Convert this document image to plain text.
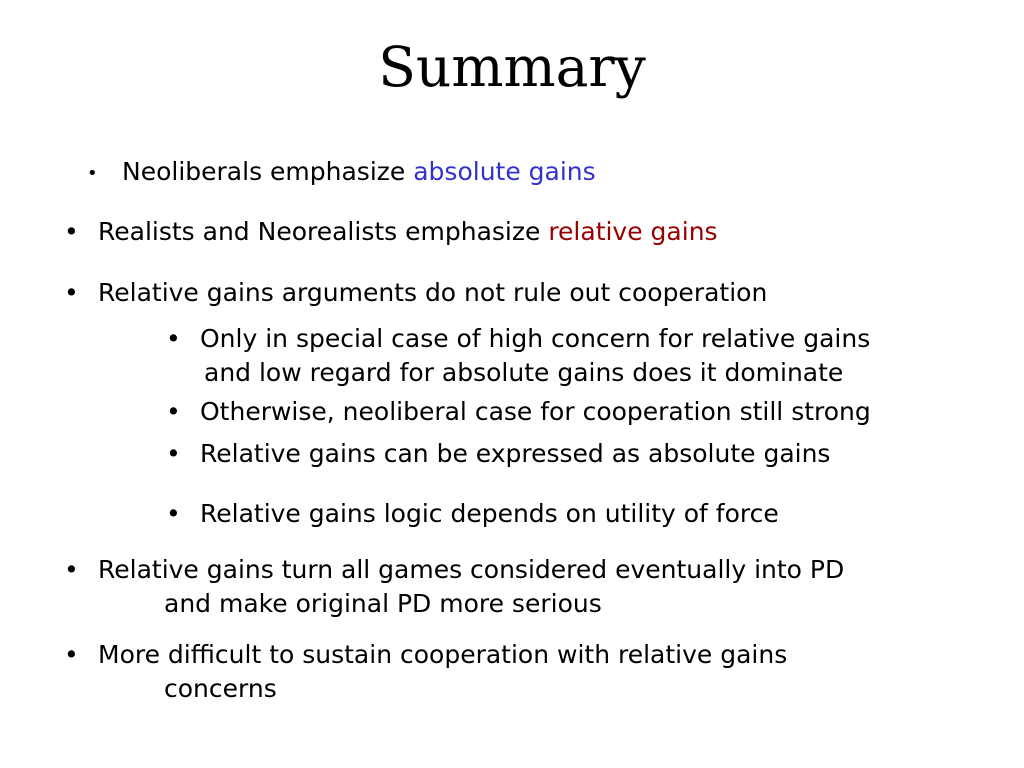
Summary
• Neoliberals emphasize absolute gains
• Realists and Neorealists emphasize relative gains
• Relative gains arguments do not rule out cooperation
• Only in special case of high concern for relative gains
and low regard for absolute gains does it dominate
• Otherwise, neoliberal case for cooperation still strong
• Relative gains can be expressed as absolute gains
• Relative gains logic depends on utility of force
• Relative gains turn all games considered eventually into PD
and make original PD more serious
• More difficult to sustain cooperation with relative gains
concerns
